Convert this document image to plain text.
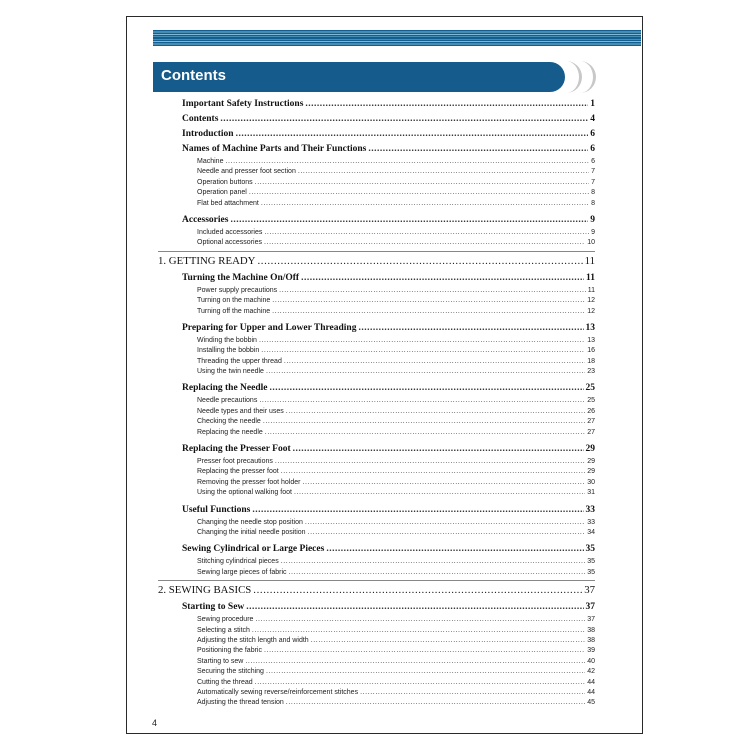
Contents
Important Safety Instructions .....	1
Contents .....	4
Introduction .....	6
Names of Machine Parts and Their Functions .....	6
Machine .....	6
Needle and presser foot section .....	7
Operation buttons .....	7
Operation panel .....	8
Flat bed attachment .....	8
Accessories .....	9
Included accessories .....	9
Optional accessories .....	10
1. GETTING READY .....	11
Turning the Machine On/Off .....	11
Power supply precautions .....	11
Turning on the machine .....	12
Turning off the machine .....	12
Preparing for Upper and Lower Threading .....	13
Winding the bobbin .....	13
Installing the bobbin .....	16
Threading the upper thread .....	18
Using the twin needle .....	23
Replacing the Needle .....	25
Needle precautions .....	25
Needle types and their uses .....	26
Checking the needle .....	27
Replacing the needle .....	27
Replacing the Presser Foot .....	29
Presser foot precautions .....	29
Replacing the presser foot .....	29
Removing the presser foot holder .....	30
Using the optional walking foot .....	31
Useful Functions .....	33
Changing the needle stop position .....	33
Changing the initial needle position .....	34
Sewing Cylindrical or Large Pieces .....	35
Stitching cylindrical pieces .....	35
Sewing large pieces of fabric .....	35
2. SEWING BASICS .....	37
Starting to Sew .....	37
Sewing procedure .....	37
Selecting a stitch .....	38
Adjusting the stitch length and width .....	38
Positioning the fabric .....	39
Starting to sew .....	40
Securing the stitching .....	42
Cutting the thread .....	44
Automatically sewing reverse/reinforcement stitches .....	44
Adjusting the thread tension .....	45
4
